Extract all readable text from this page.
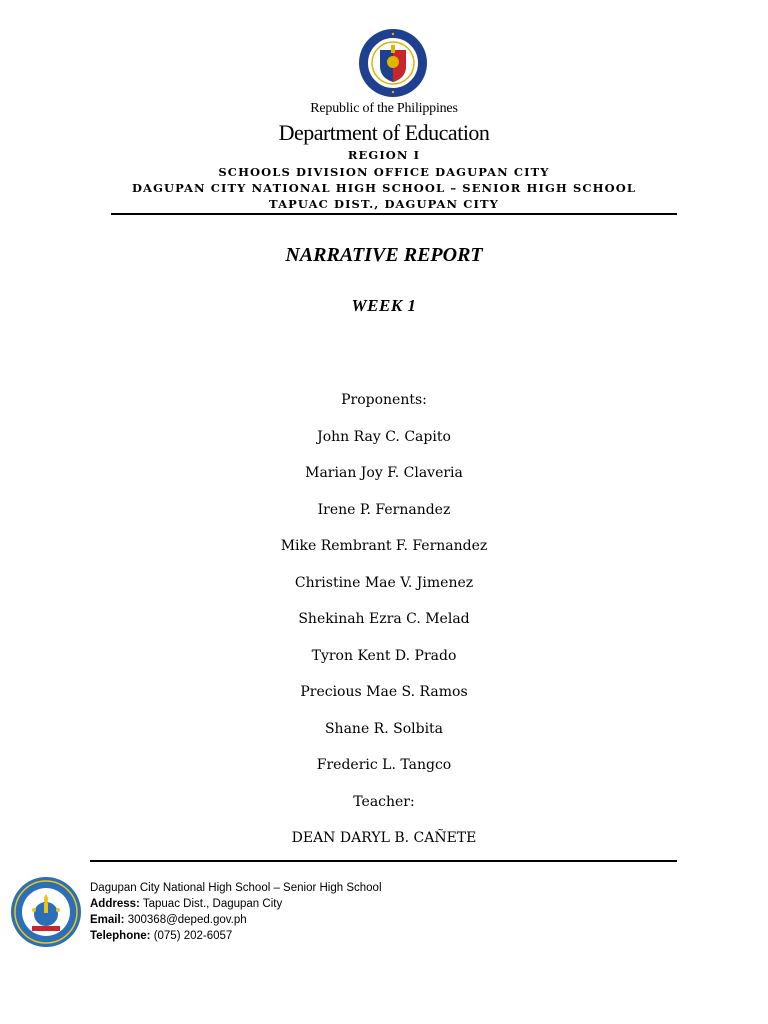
Republic of the Philippines
Department of Education
REGION I
SCHOOLS DIVISION OFFICE DAGUPAN CITY
DAGUPAN CITY NATIONAL HIGH SCHOOL – SENIOR HIGH SCHOOL
TAPUAC DIST., DAGUPAN CITY
NARRATIVE REPORT
WEEK 1
Proponents:
John Ray C. Capito
Marian Joy F. Claveria
Irene P. Fernandez
Mike Rembrant F. Fernandez
Christine Mae V. Jimenez
Shekinah Ezra C. Melad
Tyron Kent D. Prado
Precious Mae S. Ramos
Shane R. Solbita
Frederic L. Tangco
Teacher:
DEAN DARYL B. CAÑETE
Dagupan City National High School – Senior High School
Address: Tapuac Dist., Dagupan City
Email: 300368@deped.gov.ph
Telephone: (075) 202-6057
